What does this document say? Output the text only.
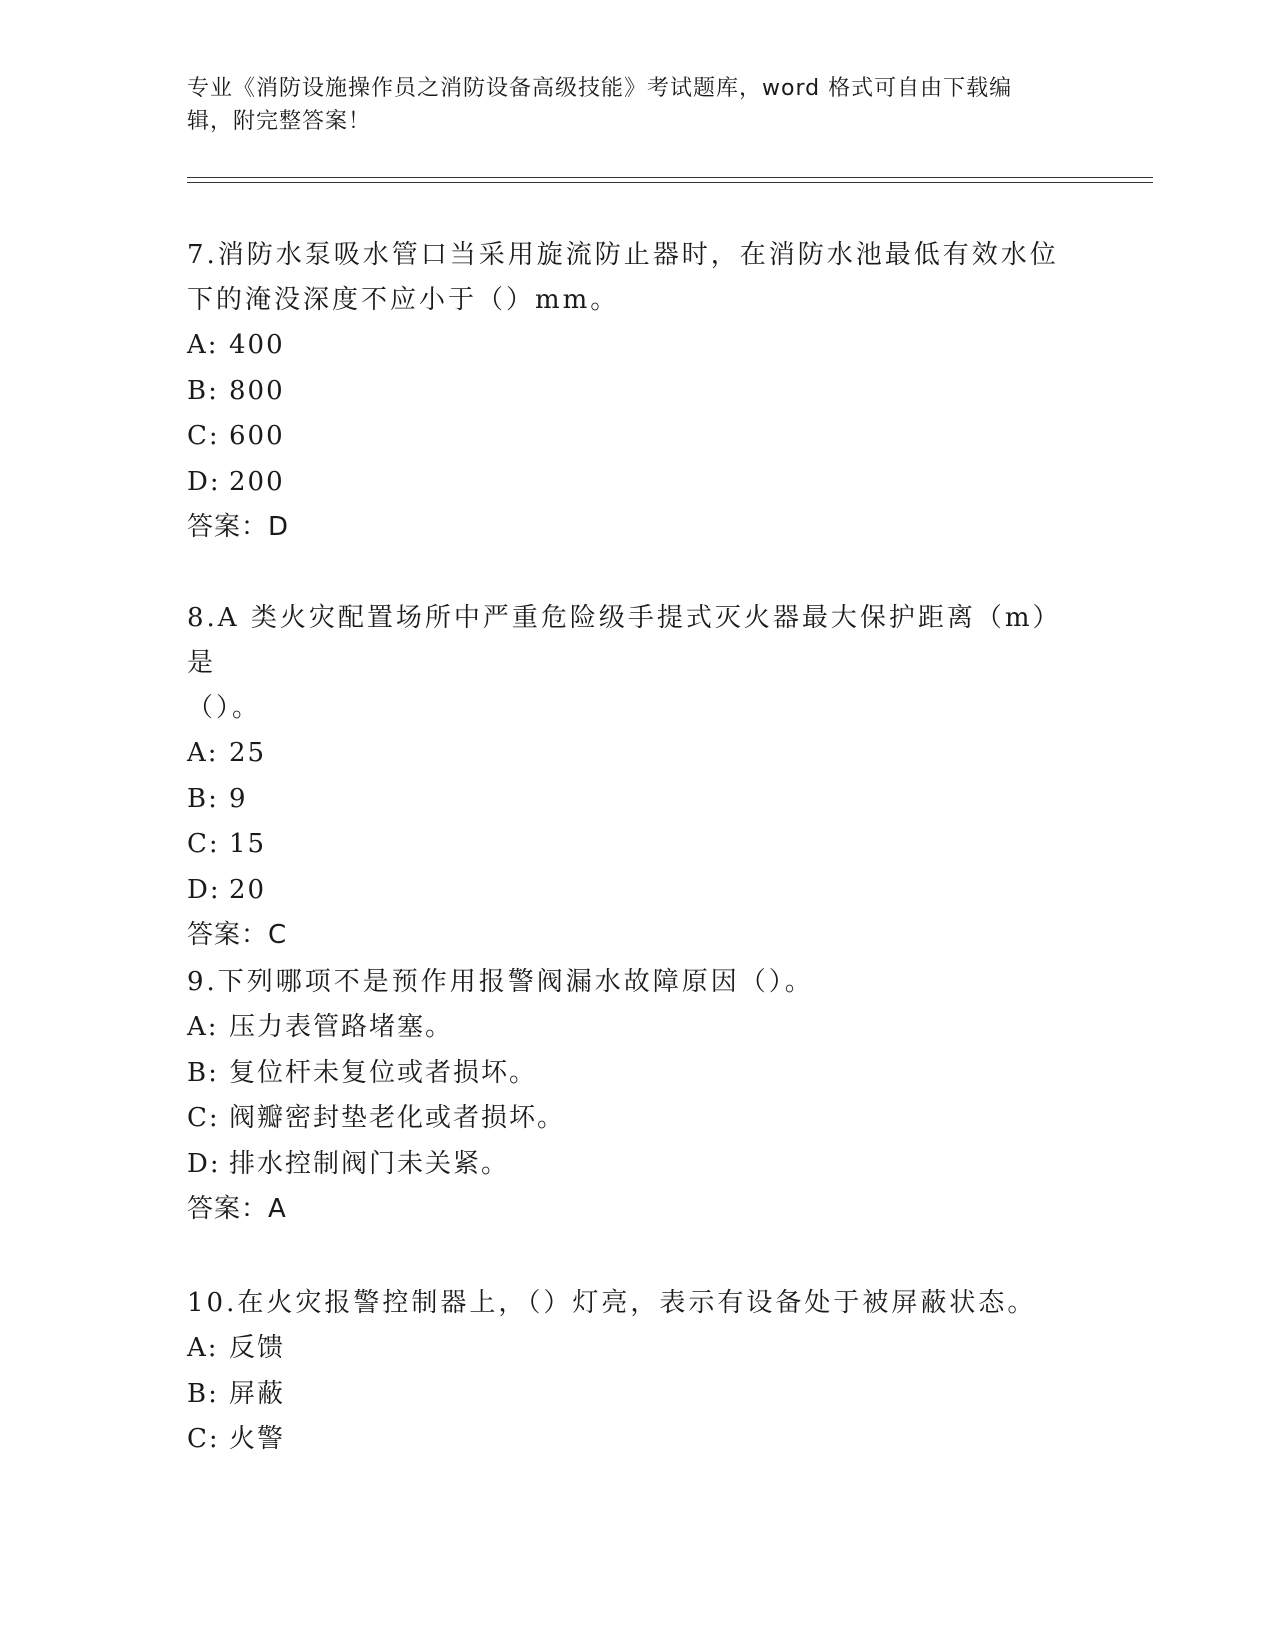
专业《消防设施操作员之消防设备高级技能》考试题库，word 格式可自由下载编
辑，附完整答案！

7.消防水泵吸水管口当采用旋流防止器时，在消防水池最低有效水位
下的淹没深度不应小于（）mm。

A: 400

B: 800

C: 600

D: 200

答案：D

8.A 类火灾配置场所中严重危险级手提式灭火器最大保护距离（m）是
（）。

A: 25

B: 9

C: 15

D: 20

答案：C

9.下列哪项不是预作用报警阀漏水故障原因（）。

A: 压力表管路堵塞。

B: 复位杆未复位或者损坏。

C: 阀瓣密封垫老化或者损坏。

D: 排水控制阀门未关紧。

答案：A

10.在火灾报警控制器上，（）灯亮，表示有设备处于被屏蔽状态。

A: 反馈

B: 屏蔽

C: 火警
